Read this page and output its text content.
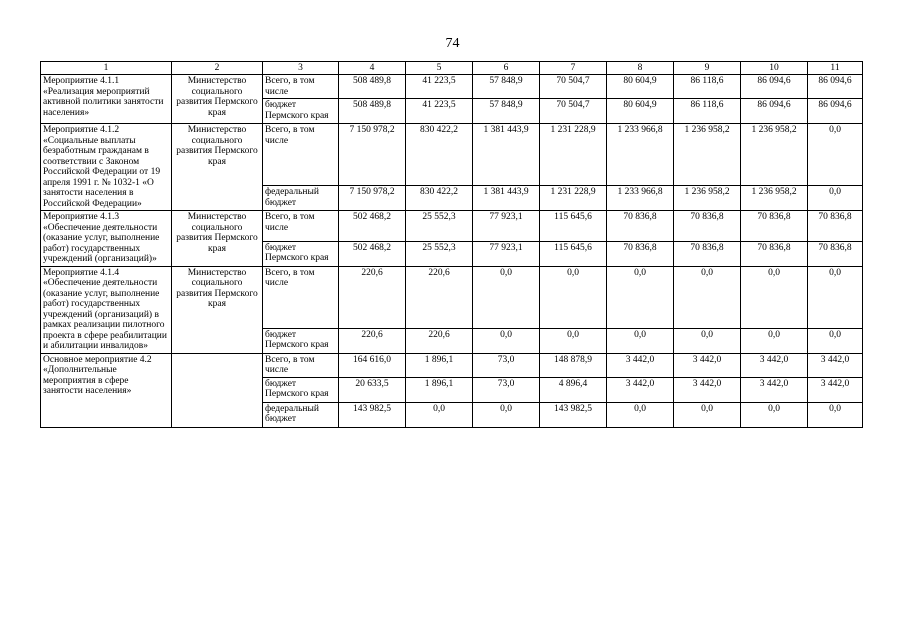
74
1	2	3	4	5	6	7	8	9	10	11
Мероприятие 4.1.1 «Реализация мероприятий активной политики занятости населения»	Министерство социального развития Пермского края	Всего, в том числе	508 489,8	41 223,5	57 848,9	70 504,7	80 604,9	86 118,6	86 094,6	86 094,6
		бюджет Пермского края	508 489,8	41 223,5	57 848,9	70 504,7	80 604,9	86 118,6	86 094,6	86 094,6
Мероприятие 4.1.2 «Социальные выплаты безработным гражданам в соответствии с Законом Российской Федерации от 19 апреля 1991 г. № 1032-1 «О занятости населения в Российской Федерации»	Министерство социального развития Пермского края	Всего, в том числе	7 150 978,2	830 422,2	1 381 443,9	1 231 228,9	1 233 966,8	1 236 958,2	1 236 958,2	0,0
		федеральный бюджет	7 150 978,2	830 422,2	1 381 443,9	1 231 228,9	1 233 966,8	1 236 958,2	1 236 958,2	0,0
Мероприятие 4.1.3 «Обеспечение деятельности (оказание услуг, выполнение работ) государственных учреждений (организаций)»	Министерство социального развития Пермского края	Всего, в том числе	502 468,2	25 552,3	77 923,1	115 645,6	70 836,8	70 836,8	70 836,8	70 836,8
		бюджет Пермского края	502 468,2	25 552,3	77 923,1	115 645,6	70 836,8	70 836,8	70 836,8	70 836,8
Мероприятие 4.1.4 «Обеспечение деятельности (оказание услуг, выполнение работ) государственных учреждений (организаций) в рамках реализации пилотного проекта в сфере реабилитации и абилитации инвалидов»	Министерство социального развития Пермского края	Всего, в том числе	220,6	220,6	0,0	0,0	0,0	0,0	0,0	0,0
		бюджет Пермского края	220,6	220,6	0,0	0,0	0,0	0,0	0,0	0,0
Основное мероприятие 4.2 «Дополнительные мероприятия в сфере занятости населения»		Всего, в том числе	164 616,0	1 896,1	73,0	148 878,9	3 442,0	3 442,0	3 442,0	3 442,0
		бюджет Пермского края	20 633,5	1 896,1	73,0	4 896,4	3 442,0	3 442,0	3 442,0	3 442,0
		федеральный бюджет	143 982,5	0,0	0,0	143 982,5	0,0	0,0	0,0	0,0
